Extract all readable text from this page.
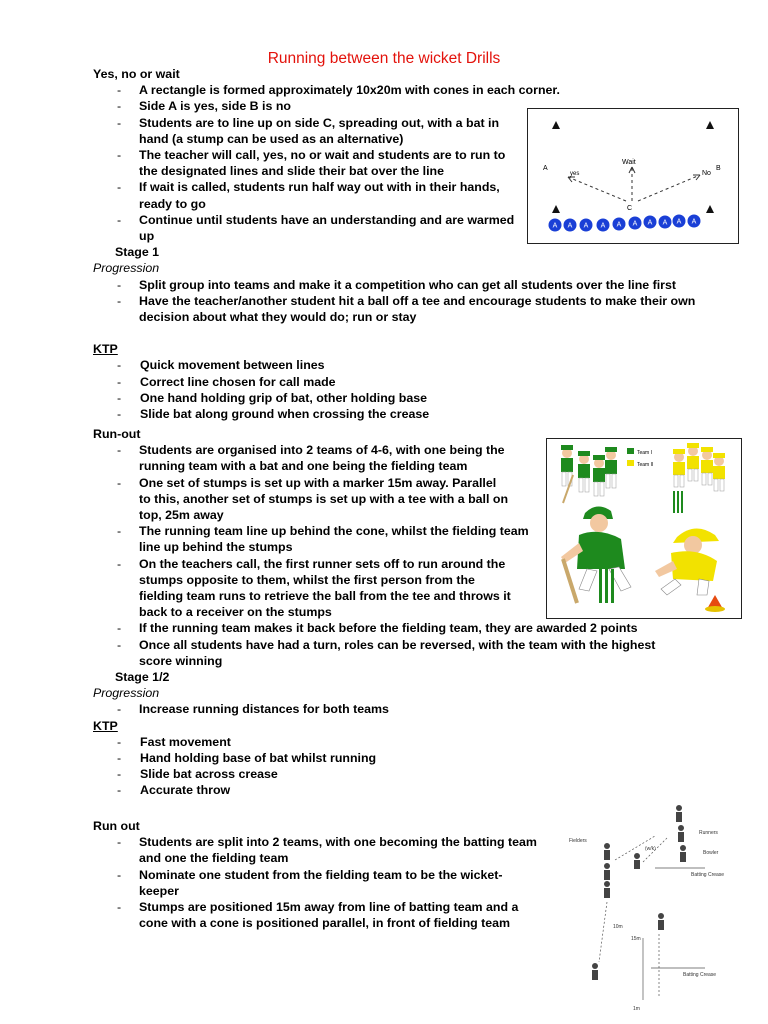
Running between the wicket Drills
Yes, no or wait
- A rectangle is formed approximately 10x20m with cones in each corner.
- Side A is yes, side B is no
- Students are to line up on side C, spreading out, with a bat in hand (a stump can be used as an alternative)
- The teacher will call, yes, no or wait and students are to run to the designated lines and slide their bat over the line
- If wait is called, students run half way out with in their hands, ready to go
- Continue until students have an understanding and are warmed up
Stage 1
Progression
- Split group into teams and make it a competition who can get all students over the line first
- Have the teacher/another student hit a ball off a tee and encourage students to make their own decision about what they would do; run or stay
KTP
- Quick movement between lines
- Correct line chosen for call made
- One hand holding grip of bat, other holding base
- Slide bat along ground when crossing the crease
Run-out
- Students are organised into 2 teams of 4-6, with one being the running team with a bat and one being the fielding team
- One set of stumps is set up with a marker 15m away. Parallel to this, another set of stumps is set up with a tee with a ball on top, 25m away
- The running team line up behind the cone, whilst the fielding team line up behind the stumps
- On the teachers call, the first runner sets off to run around the stumps opposite to them, whilst the first person from the fielding team runs to retrieve the ball from the tee and throws it back to a receiver on the stumps
- If the running team makes it back before the fielding team, they are awarded 2 points
- Once all students have had a turn, roles can be reversed, with the team with the highest score winning
Stage 1/2
Progression
- Increase running distances for both teams
KTP
- Fast movement
- Hand holding base of bat whilst running
- Slide bat across crease
- Accurate throw
Run out
- Students are split into 2 teams, with one becoming the batting team and one the fielding team
- Nominate one student from the fielding team to be the wicket-keeper
- Stumps are positioned 15m away from line of batting team and a cone with a cone is positioned parallel, in front of fielding team
A
yes
Wait
No
B
C
A A A A A A A A A A
Team I
Team II
Runners
(w/k)
Fielders
Bowler
Batting Crease
10m
15m
1m
Batting Crease
